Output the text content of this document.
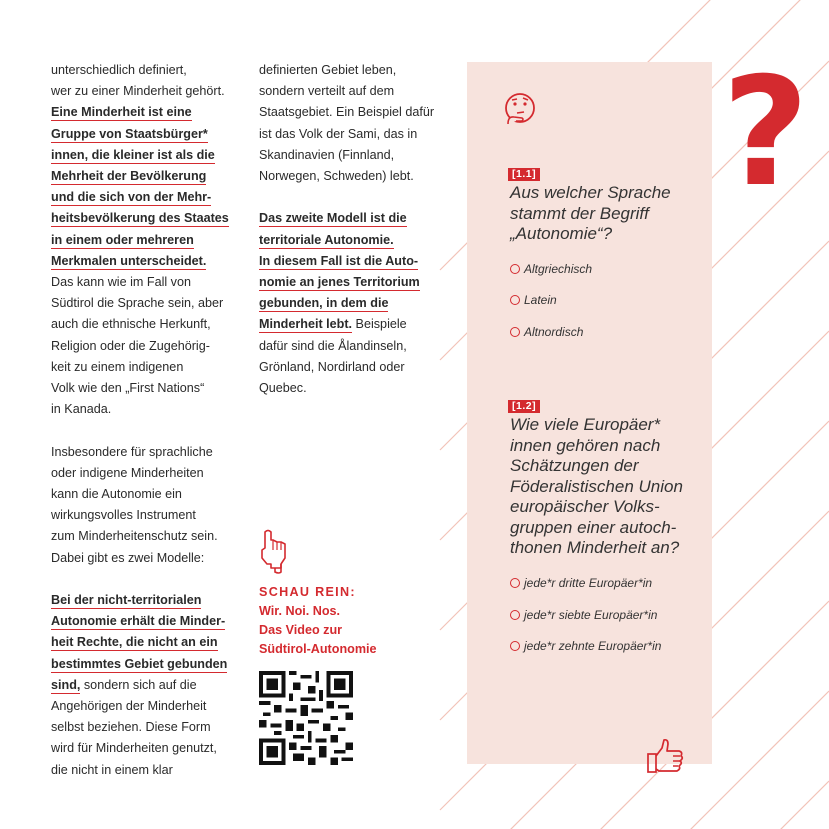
unterschiedlich definiert,

wer zu einer Minderheit gehört.

Eine Minderheit ist eine

Gruppe von Staatsbürger*

innen, die kleiner ist als die

Mehrheit der Bevölkerung

und die sich von der Mehr-

heitsbevölkerung des Staates

in einem oder mehreren

Merkmalen unterscheidet.

Das kann wie im Fall von

Südtirol die Sprache sein, aber

auch die ethnische Herkunft,

Religion oder die Zugehörig-

keit zu einem indigenen

Volk wie den „First Nations“

in Kanada.

Insbesondere für sprachliche

oder indigene Minderheiten

kann die Autonomie ein

wirkungsvolles Instrument

zum Minderheitenschutz sein.

Dabei gibt es zwei Modelle:

Bei der nicht-territorialen

Autonomie erhält die Minder-

heit Rechte, die nicht an ein

bestimmtes Gebiet gebunden

sind, sondern sich auf die

Angehörigen der Minderheit

selbst beziehen. Diese Form

wird für Minderheiten genutzt,

die nicht in einem klar

definierten Gebiet leben,

sondern verteilt auf dem

Staatsgebiet. Ein Beispiel dafür

ist das Volk der Sami, das in

Skandinavien (Finnland,

Norwegen, Schweden) lebt.

Das zweite Modell ist die

territoriale Autonomie.

In diesem Fall ist die Auto-

nomie an jenes Territorium

gebunden, in dem die

Minderheit lebt. Beispiele

dafür sind die Ålandinseln,

Grönland, Nordirland oder

Quebec.

SCHAU REIN:
Wir. Noi. Nos.
Das Video zur
Südtirol-Autonomie
?
[1.1]
Aus welcher Sprache
stammt der Begriff
„Autonomie“?
Altgriechisch
Latein
Altnordisch
[1.2]
Wie viele Europäer*
innen gehören nach
Schätzungen der
Föderalistischen Union
europäischer Volks-
gruppen einer autoch-
thonen Minderheit an?
jede*r dritte Europäer*in
jede*r siebte Europäer*in
jede*r zehnte Europäer*in
